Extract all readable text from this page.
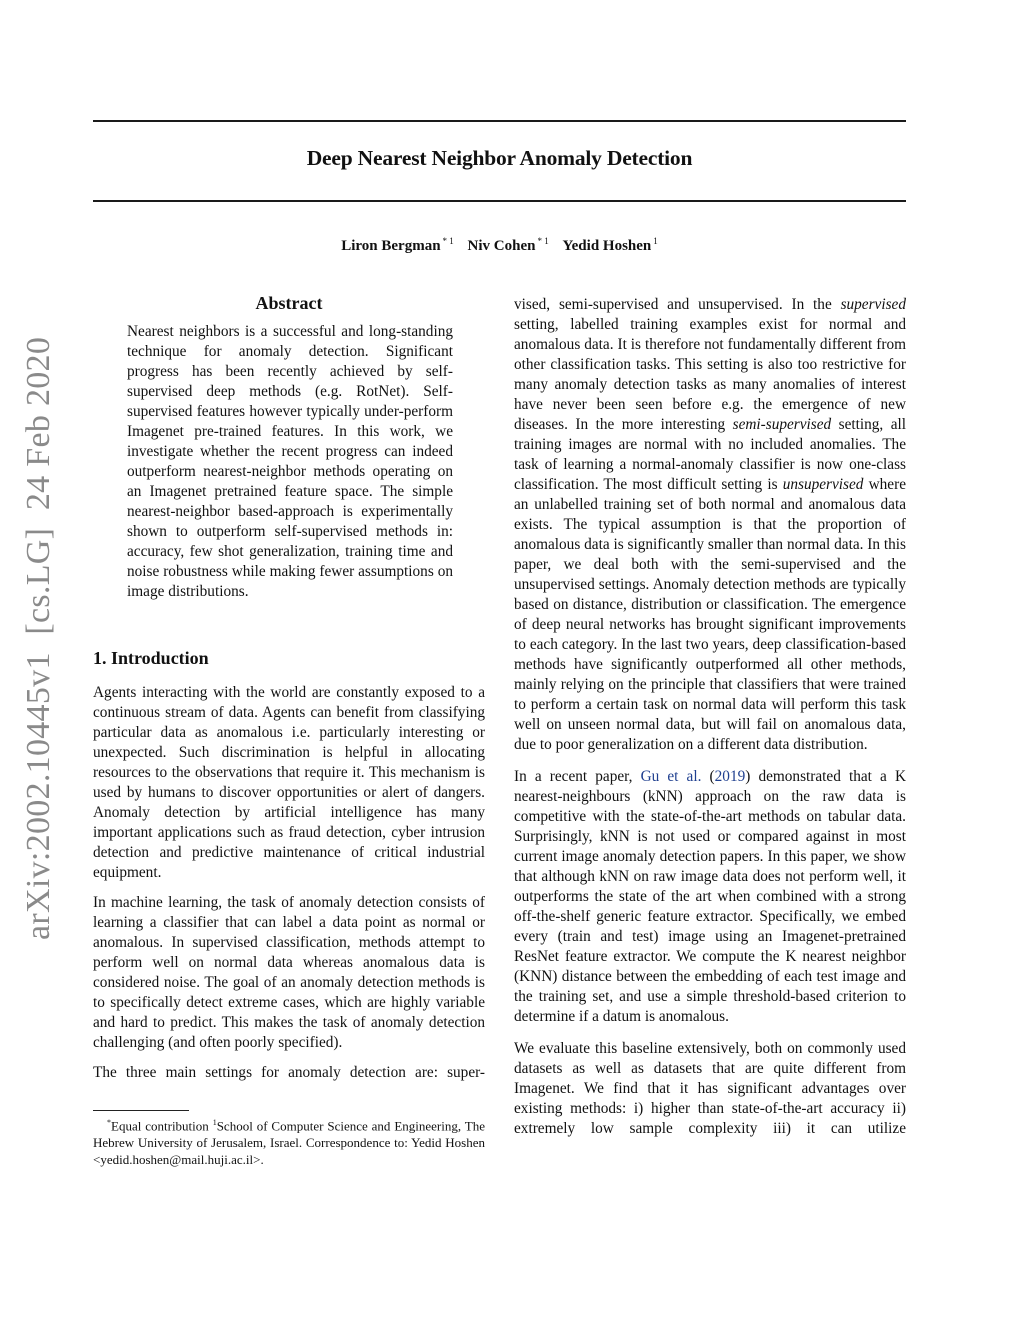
Deep Nearest Neighbor Anomaly Detection
Liron Bergman $^{* 1}$ Niv Cohen $^{* 1}$ Yedid Hoshen $^1$
arXiv:2002.10445v1  [cs.LG]  24 Feb 2020
Abstract

Nearest neighbors is a successful and long-standing technique for anomaly detection. Significant progress has been recently achieved by self-supervised deep methods (e.g. RotNet). Self-supervised features however typically under-perform Imagenet pre-trained features. In this work, we investigate whether the recent progress can indeed outperform nearest-neighbor methods operating on an Imagenet pretrained feature space. The simple nearest-neighbor based-approach is experimentally shown to outperform self-supervised methods in: accuracy, few shot generalization, training time and noise robustness while making fewer assumptions on image distributions.

1. Introduction

Agents interacting with the world are constantly exposed to a continuous stream of data. Agents can benefit from classifying particular data as anomalous i.e. particularly interesting or unexpected. Such discrimination is helpful in allocating resources to the observations that require it. This mechanism is used by humans to discover opportunities or alert of dangers. Anomaly detection by artificial intelligence has many important applications such as fraud detection, cyber intrusion detection and predictive maintenance of critical industrial equipment.

In machine learning, the task of anomaly detection consists of learning a classifier that can label a data point as normal or anomalous. In supervised classification, methods attempt to perform well on normal data whereas anomalous data is considered noise. The goal of an anomaly detection methods is to specifically detect extreme cases, which are highly variable and hard to predict. This makes the task of anomaly detection challenging (and often poorly specified).

The three main settings for anomaly detection are: super-

*Equal contribution $^1$School of Computer Science and Engineering, The Hebrew University of Jerusalem, Israel. Correspondence to: Yedid Hoshen <yedid.hoshen@mail.huji.ac.il>.

vised, semi-supervised and unsupervised. In the supervised setting, labelled training examples exist for normal and anomalous data. It is therefore not fundamentally different from other classification tasks. This setting is also too restrictive for many anomaly detection tasks as many anomalies of interest have never been seen before e.g. the emergence of new diseases. In the more interesting semi-supervised setting, all training images are normal with no included anomalies. The task of learning a normal-anomaly classifier is now one-class classification. The most difficult setting is unsupervised where an unlabelled training set of both normal and anomalous data exists. The typical assumption is that the proportion of anomalous data is significantly smaller than normal data. In this paper, we deal both with the semi-supervised and the unsupervised settings. Anomaly detection methods are typically based on distance, distribution or classification. The emergence of deep neural networks has brought significant improvements to each category. In the last two years, deep classification-based methods have significantly outperformed all other methods, mainly relying on the principle that classifiers that were trained to perform a certain task on normal data will perform this task well on unseen normal data, but will fail on anomalous data, due to poor generalization on a different data distribution.

In a recent paper, Gu et al. (2019) demonstrated that a K nearest-neighbours (kNN) approach on the raw data is competitive with the state-of-the-art methods on tabular data. Surprisingly, kNN is not used or compared against in most current image anomaly detection papers. In this paper, we show that although kNN on raw image data does not perform well, it outperforms the state of the art when combined with a strong off-the-shelf generic feature extractor. Specifically, we embed every (train and test) image using an Imagenet-pretrained ResNet feature extractor. We compute the K nearest neighbor (KNN) distance between the embedding of each test image and the training set, and use a simple threshold-based criterion to determine if a datum is anomalous.

We evaluate this baseline extensively, both on commonly used datasets as well as datasets that are quite different from Imagenet. We find that it has significant advantages over existing methods: i) higher than state-of-the-art accuracy ii) extremely low sample complexity iii) it can utilize
